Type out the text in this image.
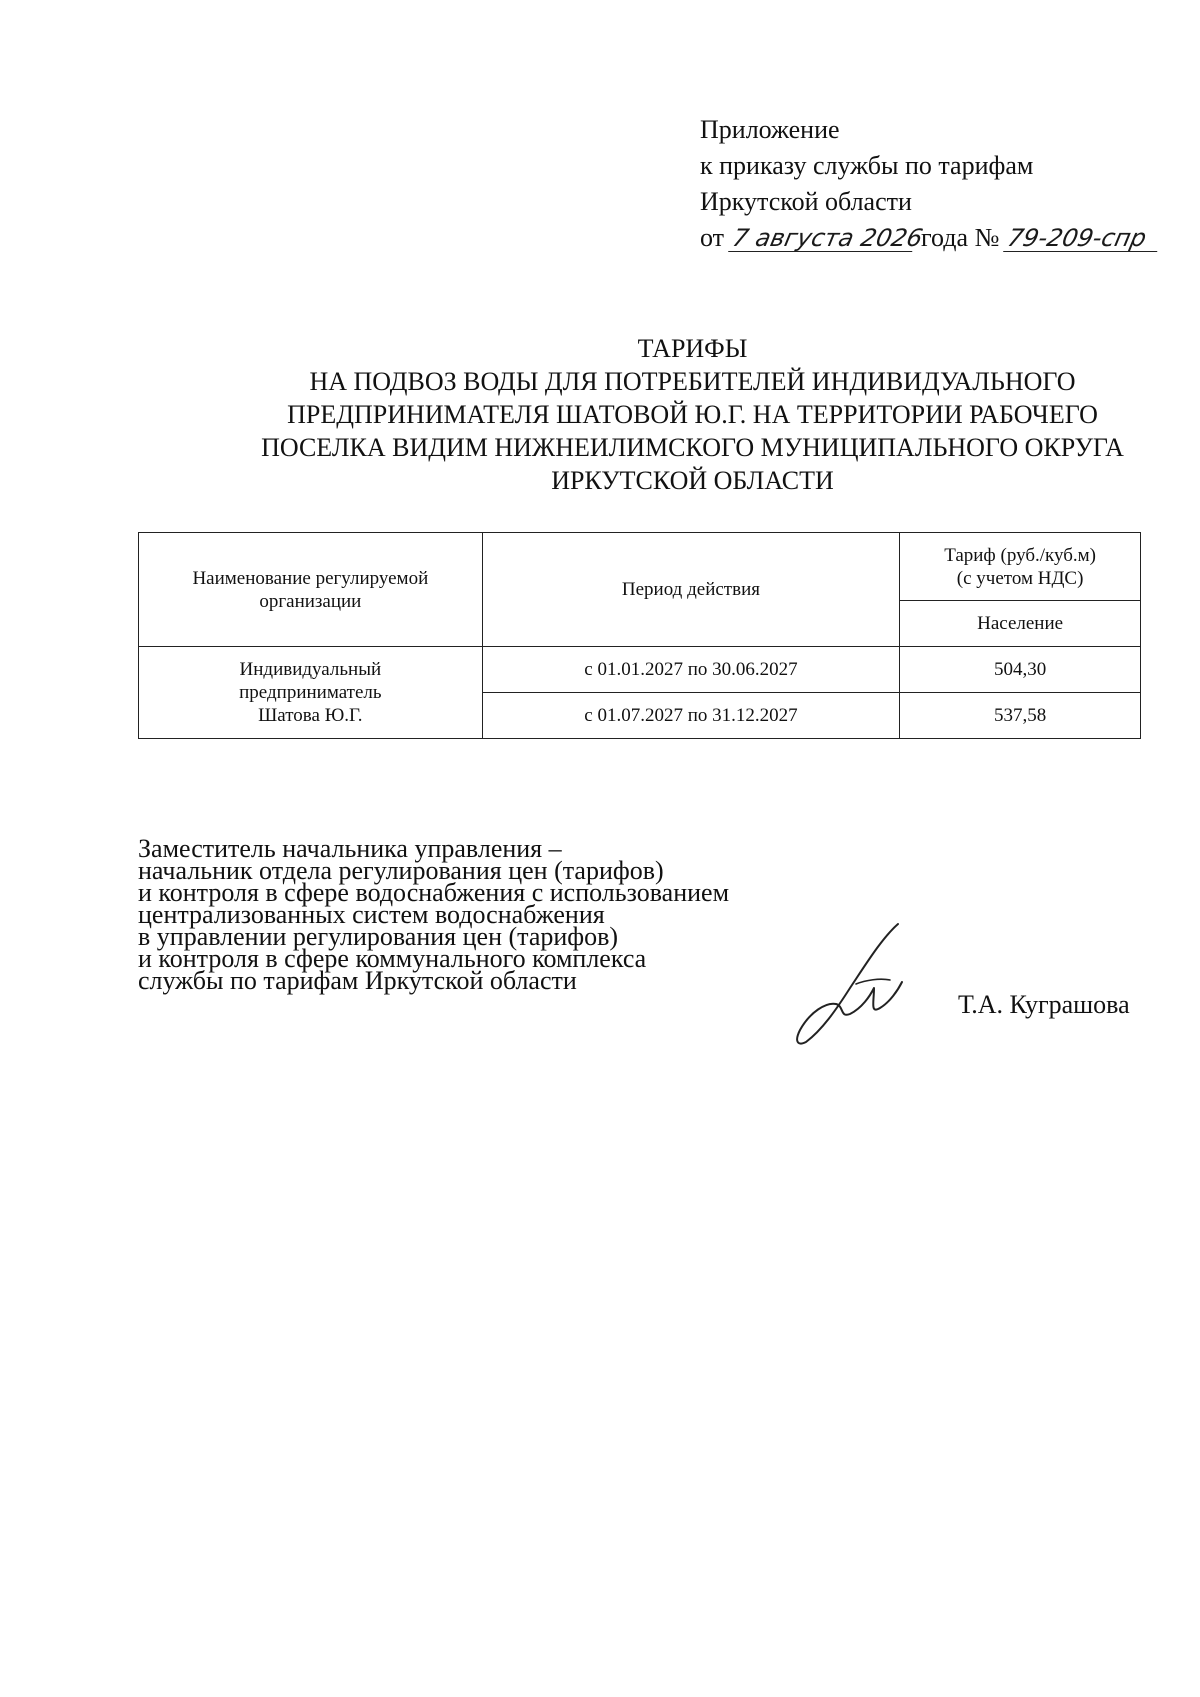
Приложение
к приказу службы по тарифам
Иркутской области
от 7 августа 2026 года № 79-209-спр
ТАРИФЫ
НА ПОДВОЗ ВОДЫ ДЛЯ ПОТРЕБИТЕЛЕЙ ИНДИВИДУАЛЬНОГО
ПРЕДПРИНИМАТЕЛЯ ШАТОВОЙ Ю.Г. НА ТЕРРИТОРИИ РАБОЧЕГО
ПОСЕЛКА ВИДИМ НИЖНЕИЛИМСКОГО МУНИЦИПАЛЬНОГО ОКРУГА
ИРКУТСКОЙ ОБЛАСТИ
Наименование регулируемой организации	Период действия	Тариф (руб./куб.м)
(с учетом НДС)

		Население

Индивидуальный
предприниматель
Шатова Ю.Г.	с 01.01.2027 по 30.06.2027	504,30
	с 01.07.2027 по 31.12.2027	537,58
Заместитель начальника управления –
начальник отдела регулирования цен (тарифов)
и контроля в сфере водоснабжения с использованием
централизованных систем водоснабжения
в управлении регулирования цен (тарифов)
и контроля в сфере коммунального комплекса
службы по тарифам Иркутской области
Т.А. Куграшова
